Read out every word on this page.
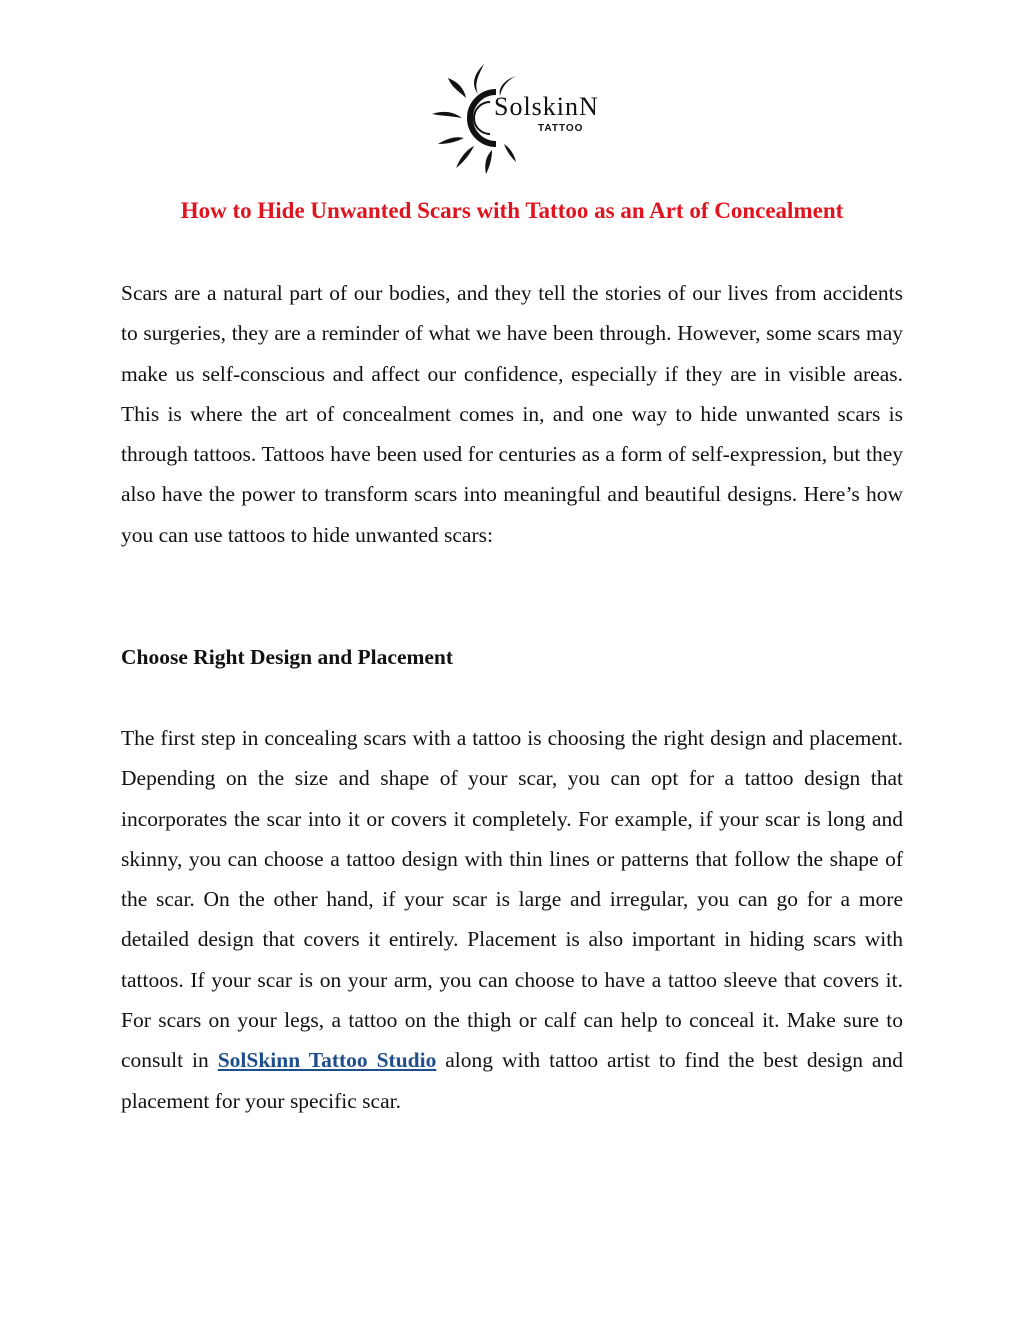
SolskinN
TATTOO
How to Hide Unwanted Scars with Tattoo as an Art of Concealment

Scars are a natural part of our bodies, and they tell the stories of our lives from accidents to surgeries, they are a reminder of what we have been through. However, some scars may make us self-conscious and affect our confidence, especially if they are in visible areas. This is where the art of concealment comes in, and one way to hide unwanted scars is through tattoos. Tattoos have been used for centuries as a form of self-expression, but they also have the power to transform scars into meaningful and beautiful designs. Here’s how you can use tattoos to hide unwanted scars:

Choose Right Design and Placement

The first step in concealing scars with a tattoo is choosing the right design and placement. Depending on the size and shape of your scar, you can opt for a tattoo design that incorporates the scar into it or covers it completely. For example, if your scar is long and skinny, you can choose a tattoo design with thin lines or patterns that follow the shape of the scar. On the other hand, if your scar is large and irregular, you can go for a more detailed design that covers it entirely. Placement is also important in hiding scars with tattoos. If your scar is on your arm, you can choose to have a tattoo sleeve that covers it. For scars on your legs, a tattoo on the thigh or calf can help to conceal it. Make sure to consult in SolSkinn Tattoo Studio along with tattoo artist to find the best design and placement for your specific scar.
